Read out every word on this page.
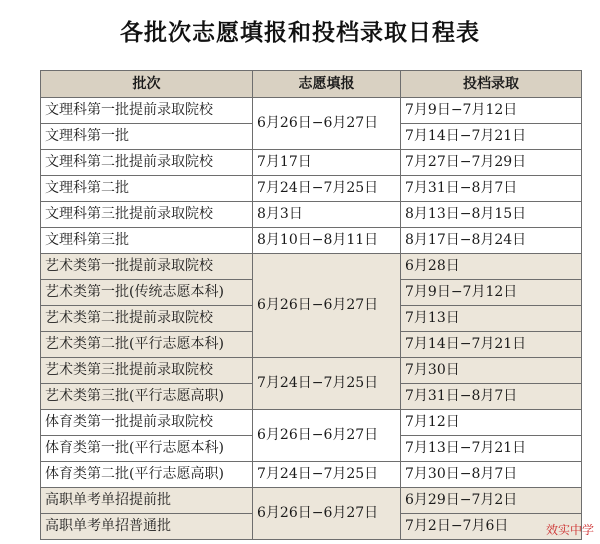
各批次志愿填报和投档录取日程表
批次	志愿填报	投档录取
文理科第一批提前录取院校	6月26日−6月27日	7月9日−7月12日
文理科第一批		7月14日−7月21日
文理科第二批提前录取院校	7月17日	7月27日−7月29日
文理科第二批	7月24日−7月25日	7月31日−8月7日
文理科第三批提前录取院校	8月3日	8月13日−8月15日
文理科第三批	8月10日−8月11日	8月17日−8月24日
艺术类第一批提前录取院校	6月26日−6月27日	6月28日
艺术类第一批(传统志愿本科)		7月9日−7月12日
艺术类第二批提前录取院校		7月13日
艺术类第二批(平行志愿本科)		7月14日−7月21日
艺术类第三批提前录取院校	7月24日−7月25日	7月30日
艺术类第三批(平行志愿高职)		7月31日−8月7日
体育类第一批提前录取院校	6月26日−6月27日	7月12日
体育类第一批(平行志愿本科)		7月13日−7月21日
体育类第二批(平行志愿高职)	7月24日−7月25日	7月30日−8月7日
高职单考单招提前批	6月26日−6月27日	6月29日−7月2日
高职单考单招普通批		7月2日−7月6日	效实中学
